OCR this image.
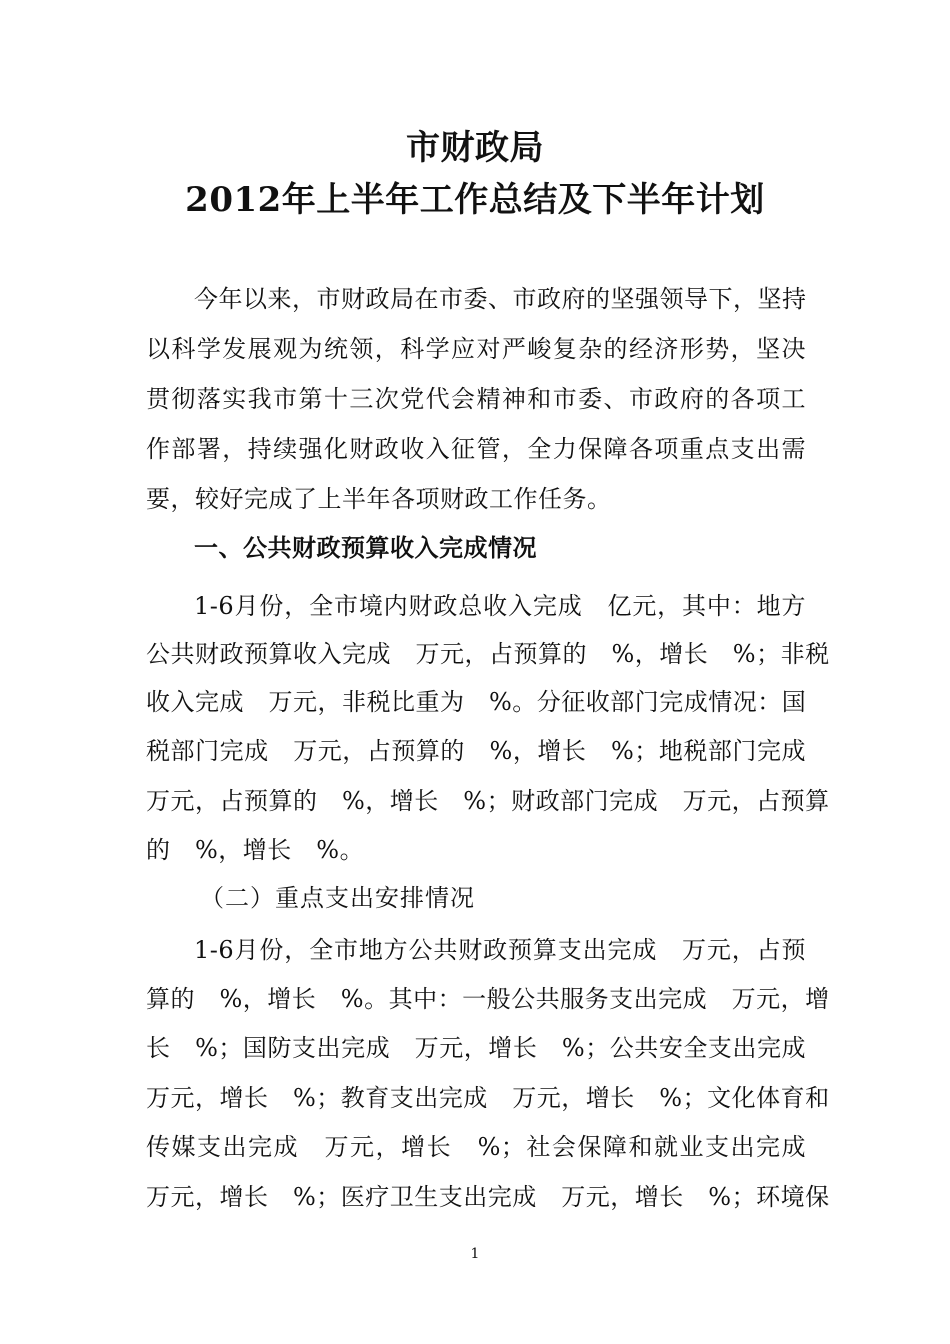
市财政局
2012年上半年工作总结及下半年计划
今年以来，市财政局在市委、市政府的坚强领导下，坚持
以科学发展观为统领，科学应对严峻复杂的经济形势，坚决
贯彻落实我市第十三次党代会精神和市委、市政府的各项工
作部署，持续强化财政收入征管，全力保障各项重点支出需
要，较好完成了上半年各项财政工作任务。
一、公共财政预算收入完成情况
1-6月份，全市境内财政总收入完成　亿元，其中：地方
公共财政预算收入完成　万元，占预算的　%，增长　%；非税
收入完成　万元，非税比重为　%。分征收部门完成情况：国
税部门完成　万元，占预算的　%，增长　%；地税部门完成
万元，占预算的　%，增长　%；财政部门完成　万元，占预算
的　%，增长　%。
（二）重点支出安排情况
1-6月份，全市地方公共财政预算支出完成　万元，占预
算的　%，增长　%。其中：一般公共服务支出完成　万元，增
长　%；国防支出完成　万元，增长　%；公共安全支出完成
万元，增长　%；教育支出完成　万元，增长　%；文化体育和
传媒支出完成　万元，增长　%；社会保障和就业支出完成
万元，增长　%；医疗卫生支出完成　万元，增长　%；环境保
1
